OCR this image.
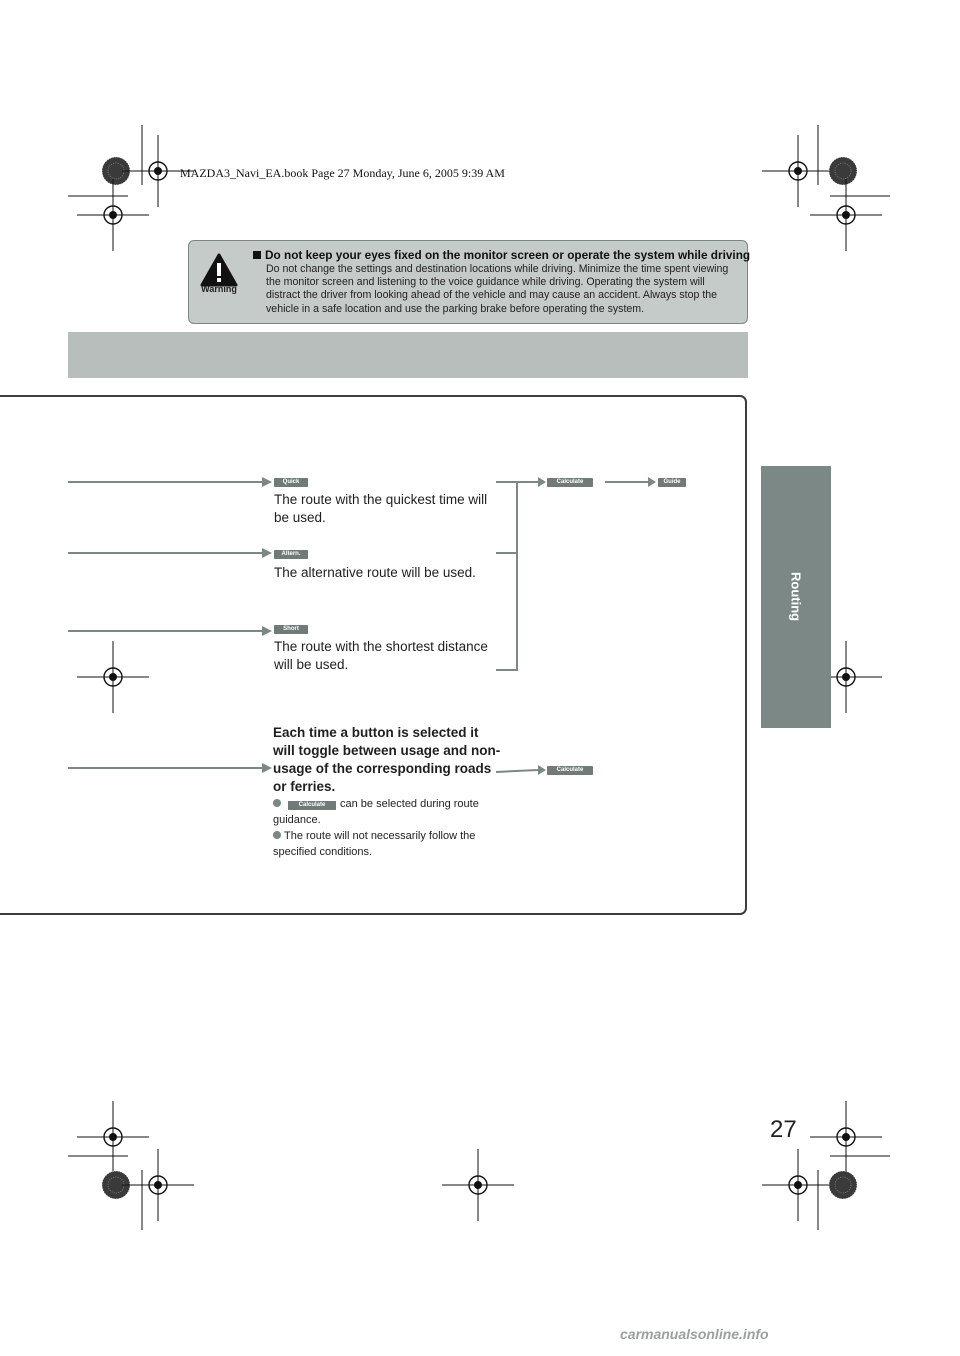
MAZDA3_Navi_EA.book Page 27 Monday, June 6, 2005 9:39 AM
Warning
Do not keep your eyes fixed on the monitor screen or operate the system while driving
Do not change the settings and destination locations while driving. Minimize the time spent viewing the monitor screen and listening to the voice guidance while driving. Operating the system will distract the driver from looking ahead of the vehicle and may cause an accident. Always stop the vehicle in a safe location and use the parking brake before operating the system.
Routing
Quick
The route with the quickest time will be used.
Altern.
The alternative route will be used.
Short
The route with the shortest distance will be used.
Calculate	Guide
Each time a button is selected it will toggle between usage and non-usage of the corresponding roads or ferries.
Calculate
Calculate can be selected during route guidance.
The route will not necessarily follow the specified conditions.
27
carmanualsonline.info
